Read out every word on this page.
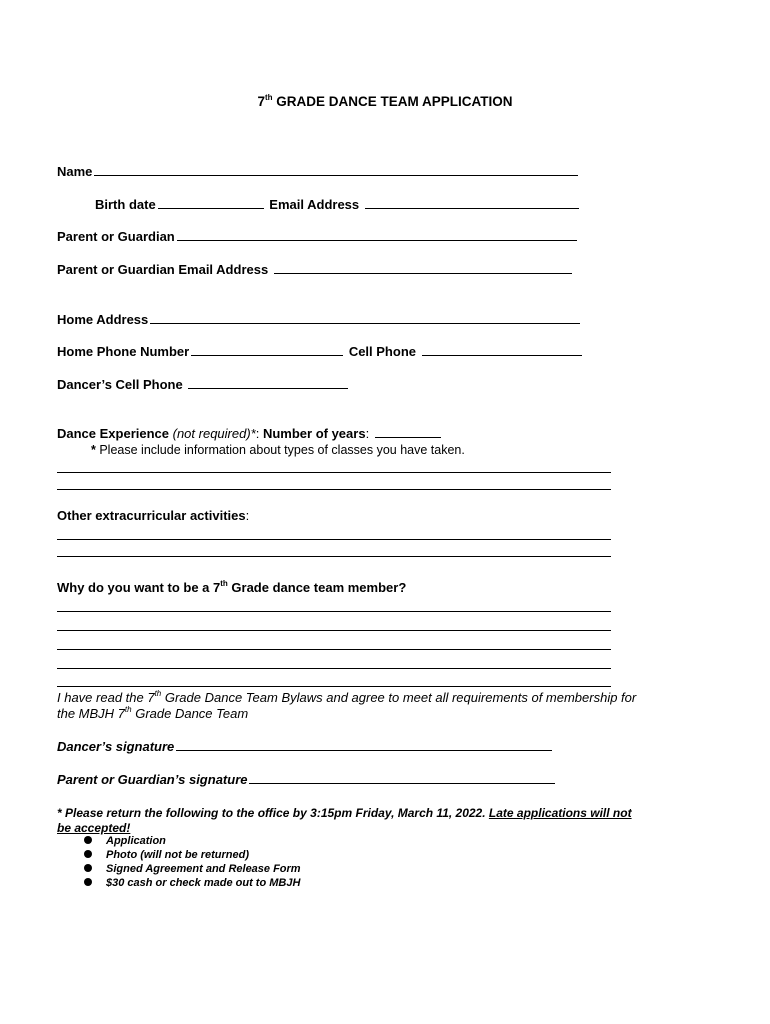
7th GRADE DANCE TEAM APPLICATION
Name
Birth date	Email Address
Parent or Guardian
Parent or Guardian Email Address
Home Address
Home Phone Number	Cell Phone
Dancer’s Cell Phone
Dance Experience (not required)*: Number of years:
* Please include information about types of classes you have taken.
Other extracurricular activities:
Why do you want to be a 7th Grade dance team member?
I have read the 7th Grade Dance Team Bylaws and agree to meet all requirements of membership for
the MBJH 7th Grade Dance Team
Dancer’s signature
Parent or Guardian’s signature
* Please return the following to the office by 3:15pm Friday, March 11, 2022. Late applications will not
be accepted!
Application
Photo (will not be returned)
Signed Agreement and Release Form
$30 cash or check made out to MBJH
